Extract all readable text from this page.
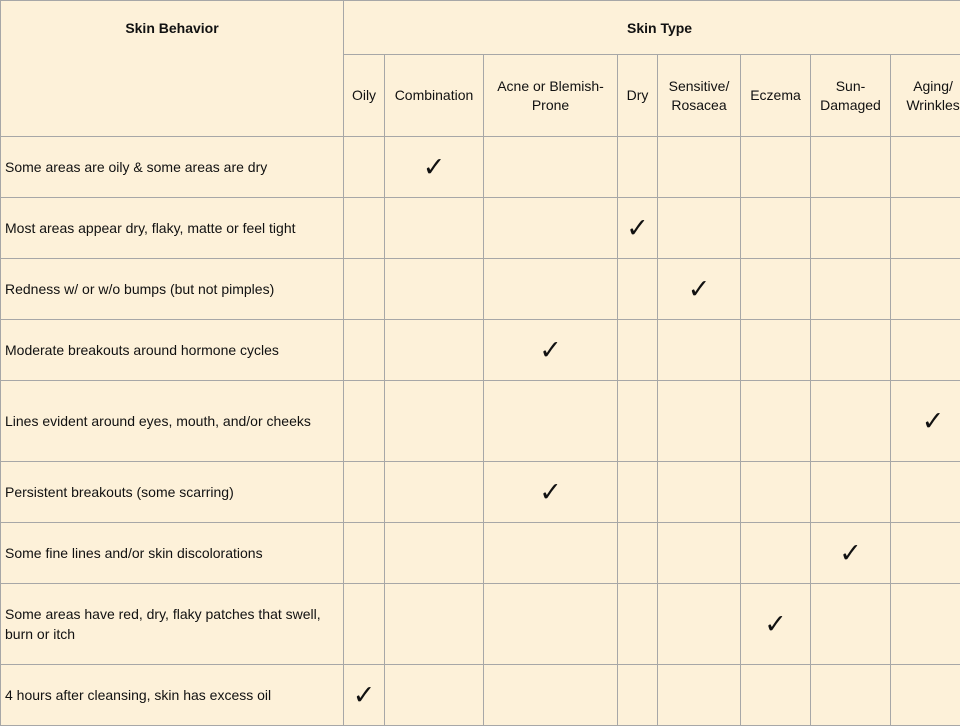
Skin Behavior	Skin Type							
	Oily	Combination	Acne or Blemish-Prone	Dry	Sensitive/ Rosacea	Eczema	Sun-Damaged	Aging/ Wrinkles
Some areas are oily & some areas are dry		✓						
Most areas appear dry, flaky, matte or feel tight				✓				
Redness w/ or w/o bumps (but not pimples)					✓			
Moderate breakouts around hormone cycles			✓					
Lines evident around eyes, mouth, and/or cheeks								✓
Persistent breakouts (some scarring)			✓					
Some fine lines and/or skin discolorations							✓	
Some areas have red, dry, flaky patches that swell, burn or itch						✓		
4 hours after cleansing, skin has excess oil	✓							
